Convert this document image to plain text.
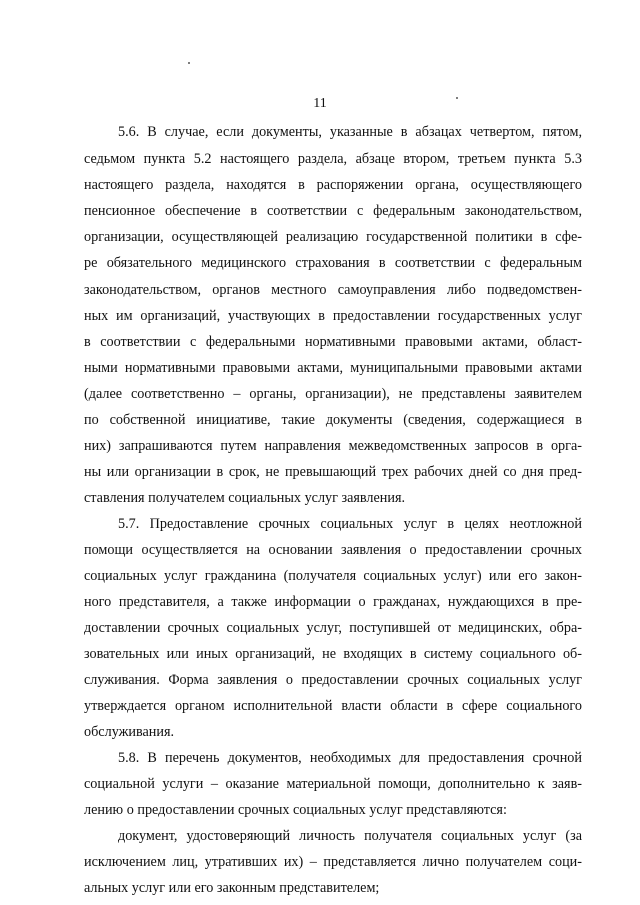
11
5.6. В случае, если документы, указанные в абзацах четвертом, пятом,
седьмом пункта 5.2 настоящего раздела, абзаце втором, третьем пункта 5.3
настоящего раздела, находятся в распоряжении органа, осуществляющего
пенсионное обеспечение в соответствии с федеральным законодательством,
организации, осуществляющей реализацию государственной политики в сфе-
ре обязательного медицинского страхования в соответствии с федеральным
законодательством, органов местного самоуправления либо подведомствен-
ных им организаций, участвующих в предоставлении государственных услуг
в соответствии с федеральными нормативными правовыми актами, област-
ными нормативными правовыми актами, муниципальными правовыми актами
(далее соответственно – органы, организации), не представлены заявителем
по собственной инициативе, такие документы (сведения, содержащиеся в
них) запрашиваются путем направления межведомственных запросов в орга-
ны или организации в срок, не превышающий трех рабочих дней со дня пред-
ставления получателем социальных услуг заявления.
5.7. Предоставление срочных социальных услуг в целях неотложной
помощи осуществляется на основании заявления о предоставлении срочных
социальных услуг гражданина (получателя социальных услуг) или его закон-
ного представителя, а также информации о гражданах, нуждающихся в пре-
доставлении срочных социальных услуг, поступившей от медицинских, обра-
зовательных или иных организаций, не входящих в систему социального об-
служивания. Форма заявления о предоставлении срочных социальных услуг
утверждается органом исполнительной власти области в сфере социального
обслуживания.
5.8. В перечень документов, необходимых для предоставления срочной
социальной услуги – оказание материальной помощи, дополнительно к заяв-
лению о предоставлении срочных социальных услуг представляются:
документ, удостоверяющий личность получателя социальных услуг (за
исключением лиц, утративших их) – представляется лично получателем соци-
альных услуг или его законным представителем;
